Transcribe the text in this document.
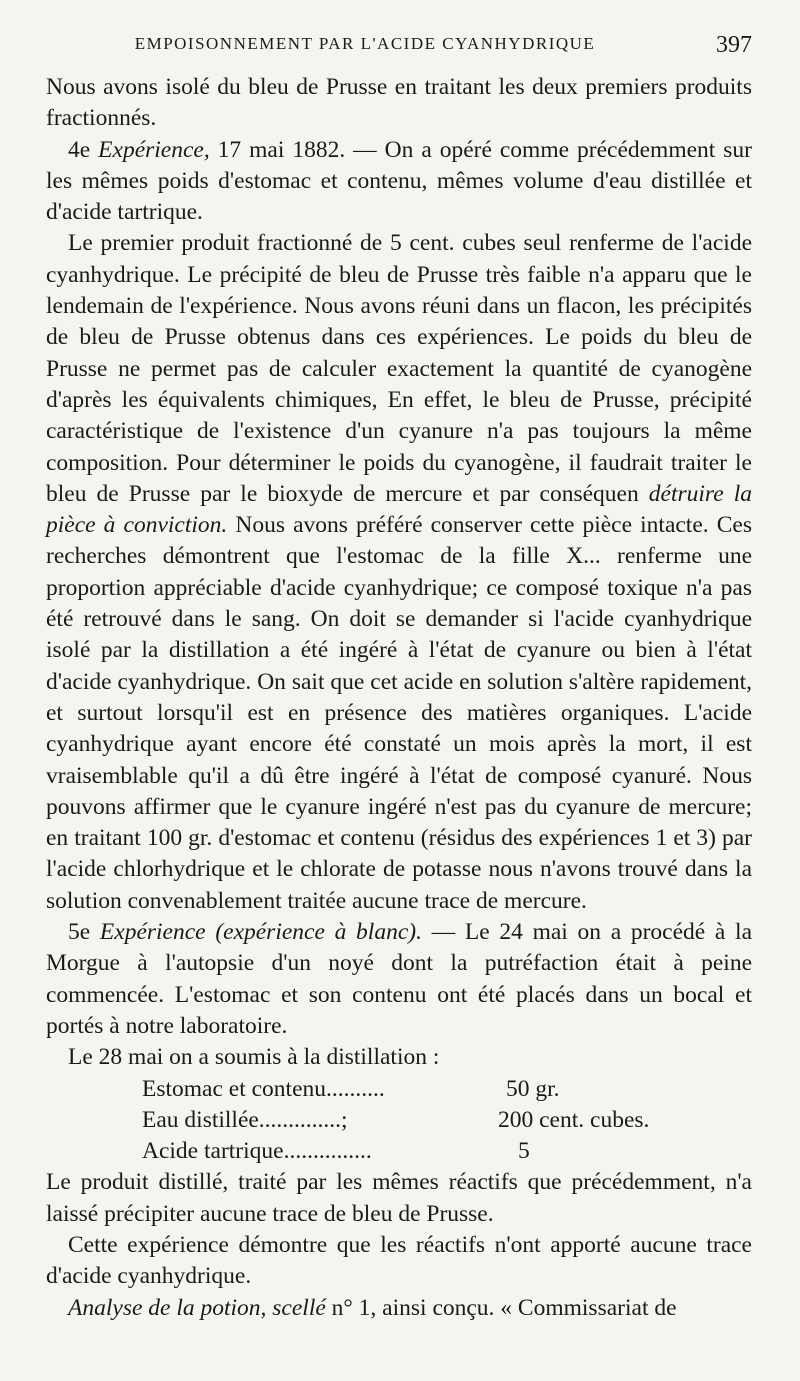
EMPOISONNEMENT PAR L'ACIDE CYANHYDRIQUE	397

Nous avons isolé du bleu de Prusse en traitant les deux premiers produits fractionnés.

4e Expérience, 17 mai 1882. — On a opéré comme précédemment sur les mêmes poids d'estomac et contenu, mêmes volume d'eau distillée et d'acide tartrique.

Le premier produit fractionné de 5 cent. cubes seul renferme de l'acide cyanhydrique. Le précipité de bleu de Prusse très faible n'a apparu que le lendemain de l'expérience. Nous avons réuni dans un flacon, les précipités de bleu de Prusse obtenus dans ces expériences. Le poids du bleu de Prusse ne permet pas de calculer exactement la quantité de cyanogène d'après les équivalents chimiques, En effet, le bleu de Prusse, précipité caractéristique de l'existence d'un cyanure n'a pas toujours la même composition. Pour déterminer le poids du cyanogène, il faudrait traiter le bleu de Prusse par le bioxyde de mercure et par conséquen détruire la pièce à conviction. Nous avons préféré conserver cette pièce intacte. Ces recherches démontrent que l'estomac de la fille X... renferme une proportion appréciable d'acide cyanhydrique; ce composé toxique n'a pas été retrouvé dans le sang. On doit se demander si l'acide cyanhydrique isolé par la distillation a été ingéré à l'état de cyanure ou bien à l'état d'acide cyanhydrique. On sait que cet acide en solution s'altère rapidement, et surtout lorsqu'il est en présence des matières organiques. L'acide cyanhydrique ayant encore été constaté un mois après la mort, il est vraisemblable qu'il a dû être ingéré à l'état de composé cyanuré. Nous pouvons affirmer que le cyanure ingéré n'est pas du cyanure de mercure; en traitant 100 gr. d'estomac et contenu (résidus des expériences 1 et 3) par l'acide chlorhydrique et le chlorate de potasse nous n'avons trouvé dans la solution convenablement traitée aucune trace de mercure.

5e Expérience (expérience à blanc). — Le 24 mai on a procédé à la Morgue à l'autopsie d'un noyé dont la putréfaction était à peine commencée. L'estomac et son contenu ont été placés dans un bocal et portés à notre laboratoire.

Le 28 mai on a soumis à la distillation :

Estomac et contenu..........	50 gr.
Eau distillée..............;	200 cent. cubes.
Acide tartrique...............	5

Le produit distillé, traité par les mêmes réactifs que précédemment, n'a laissé précipiter aucune trace de bleu de Prusse.

Cette expérience démontre que les réactifs n'ont apporté aucune trace d'acide cyanhydrique.

Analyse de la potion, scellé n° 1, ainsi conçu. « Commissariat de
